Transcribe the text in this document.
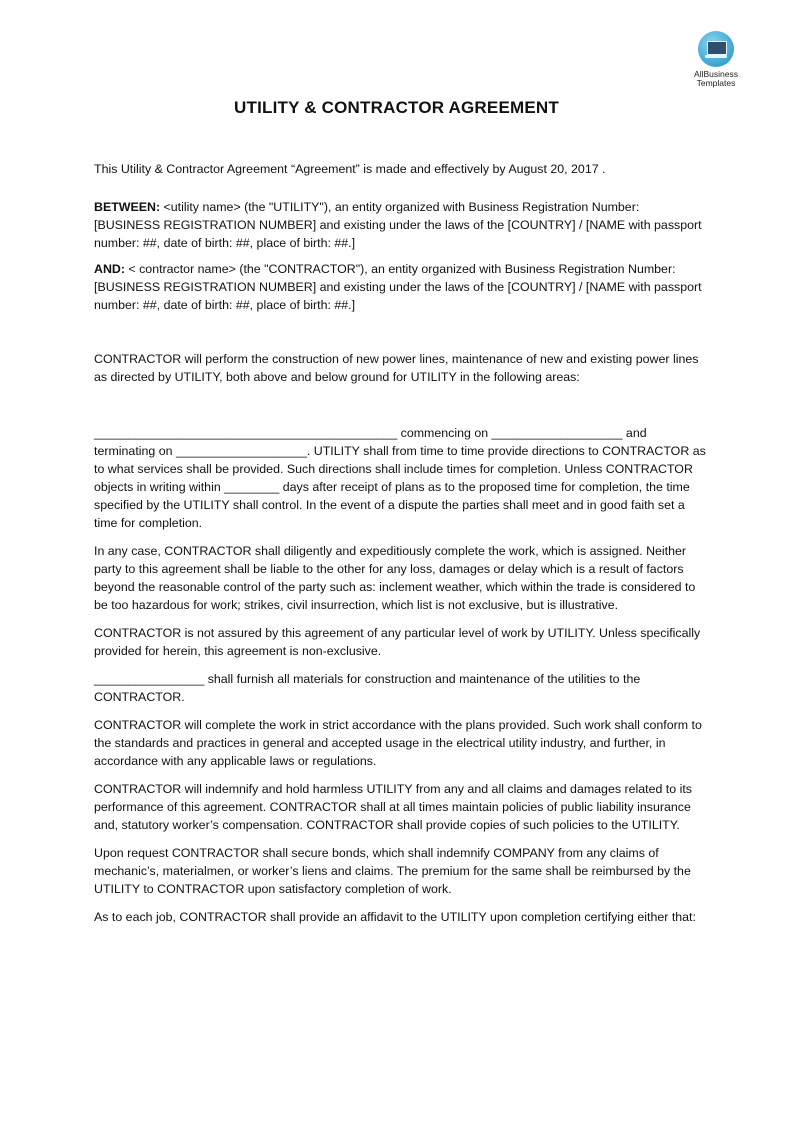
AllBusiness
Templates
UTILITY & CONTRACTOR AGREEMENT

This Utility & Contractor Agreement “Agreement” is made and effectively by August 20, 2017 .

BETWEEN: <utility name> (the "UTILITY"), an entity organized with Business Registration Number: [BUSINESS REGISTRATION NUMBER] and existing under the laws of the [COUNTRY] / [NAME with passport number: ##, date of birth: ##, place of birth: ##.]

AND: < contractor name> (the "CONTRACTOR"), an entity organized with Business Registration Number: [BUSINESS REGISTRATION NUMBER] and existing under the laws of the [COUNTRY] / [NAME with passport number: ##, date of birth: ##, place of birth: ##.]

CONTRACTOR will perform the construction of new power lines, maintenance of new and existing power lines as directed by UTILITY, both above and below ground for UTILITY in the following areas:

____________________________________________ commencing on ___________________ and terminating on ___________________. UTILITY shall from time to time provide directions to CONTRACTOR as to what services shall be provided. Such directions shall include times for completion. Unless CONTRACTOR objects in writing within ________ days after receipt of plans as to the proposed time for completion, the time specified by the UTILITY shall control. In the event of a dispute the parties shall meet and in good faith set a time for completion.

In any case, CONTRACTOR shall diligently and expeditiously complete the work, which is assigned. Neither party to this agreement shall be liable to the other for any loss, damages or delay which is a result of factors beyond the reasonable control of the party such as: inclement weather, which within the trade is considered to be too hazardous for work; strikes, civil insurrection, which list is not exclusive, but is illustrative.

CONTRACTOR is not assured by this agreement of any particular level of work by UTILITY. Unless specifically provided for herein, this agreement is non-exclusive.

________________ shall furnish all materials for construction and maintenance of the utilities to the CONTRACTOR.

CONTRACTOR will complete the work in strict accordance with the plans provided. Such work shall conform to the standards and practices in general and accepted usage in the electrical utility industry, and further, in accordance with any applicable laws or regulations.

CONTRACTOR will indemnify and hold harmless UTILITY from any and all claims and damages related to its performance of this agreement. CONTRACTOR shall at all times maintain policies of public liability insurance and, statutory worker’s compensation. CONTRACTOR shall provide copies of such policies to the UTILITY.

Upon request CONTRACTOR shall secure bonds, which shall indemnify COMPANY from any claims of mechanic’s, materialmen, or worker’s liens and claims. The premium for the same shall be reimbursed by the UTILITY to CONTRACTOR upon satisfactory completion of work.

As to each job, CONTRACTOR shall provide an affidavit to the UTILITY upon completion certifying either that:
